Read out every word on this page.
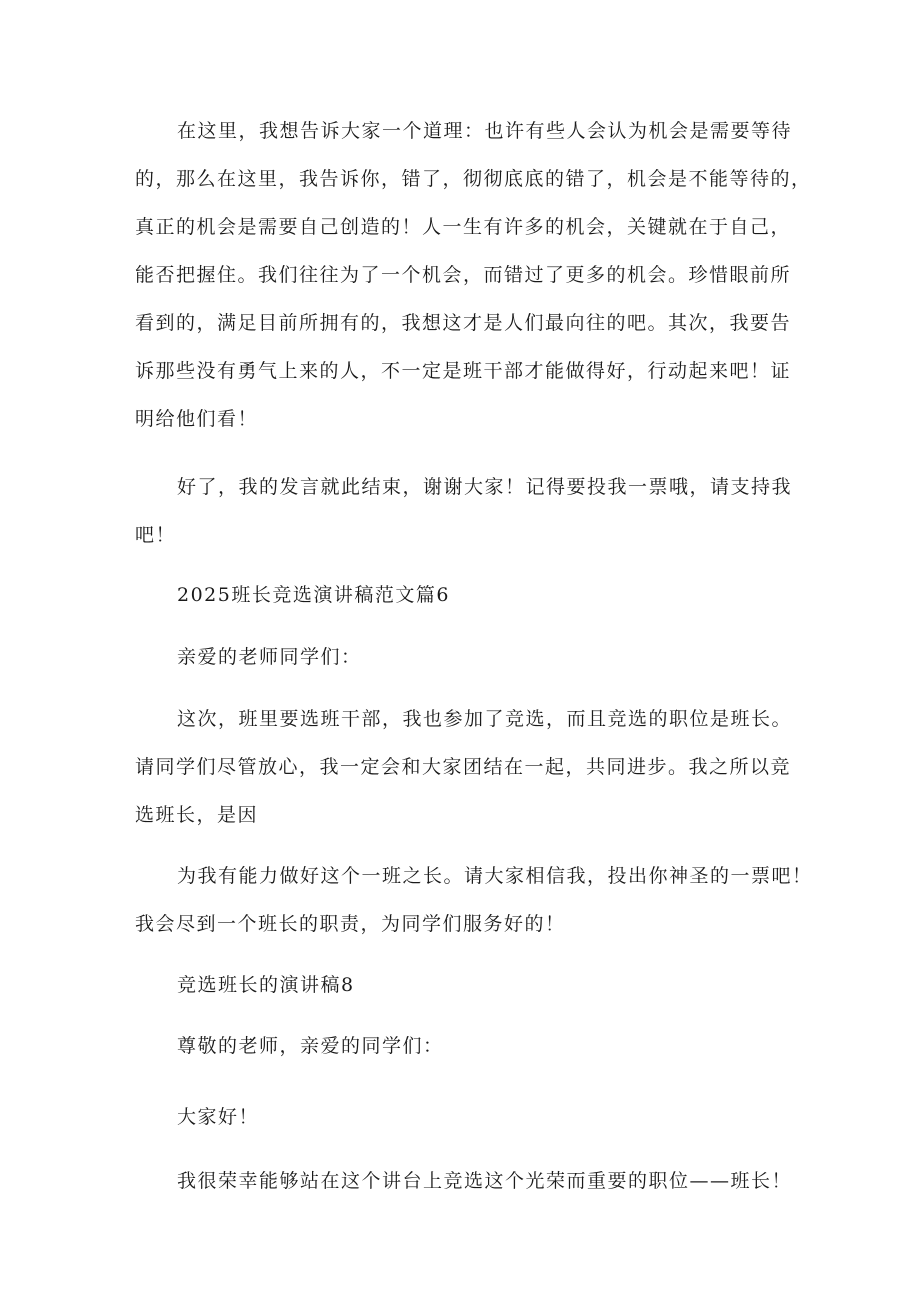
在这里，我想告诉大家一个道理：也许有些人会认为机会是需要等待
的，那么在这里，我告诉你，错了，彻彻底底的错了，机会是不能等待的，
真正的机会是需要自己创造的！人一生有许多的机会，关键就在于自己，
能否把握住。我们往往为了一个机会，而错过了更多的机会。珍惜眼前所
看到的，满足目前所拥有的，我想这才是人们最向往的吧。其次，我要告
诉那些没有勇气上来的人，不一定是班干部才能做得好，行动起来吧！证
明给他们看！
好了，我的发言就此结束，谢谢大家！记得要投我一票哦，请支持我
吧！
2025班长竞选演讲稿范文篇6
亲爱的老师同学们：
这次，班里要选班干部，我也参加了竞选，而且竞选的职位是班长。
请同学们尽管放心，我一定会和大家团结在一起，共同进步。我之所以竞
选班长，是因
为我有能力做好这个一班之长。请大家相信我，投出你神圣的一票吧！
我会尽到一个班长的职责，为同学们服务好的！
竞选班长的演讲稿8
尊敬的老师，亲爱的同学们：
大家好！
我很荣幸能够站在这个讲台上竞选这个光荣而重要的职位——班长！
